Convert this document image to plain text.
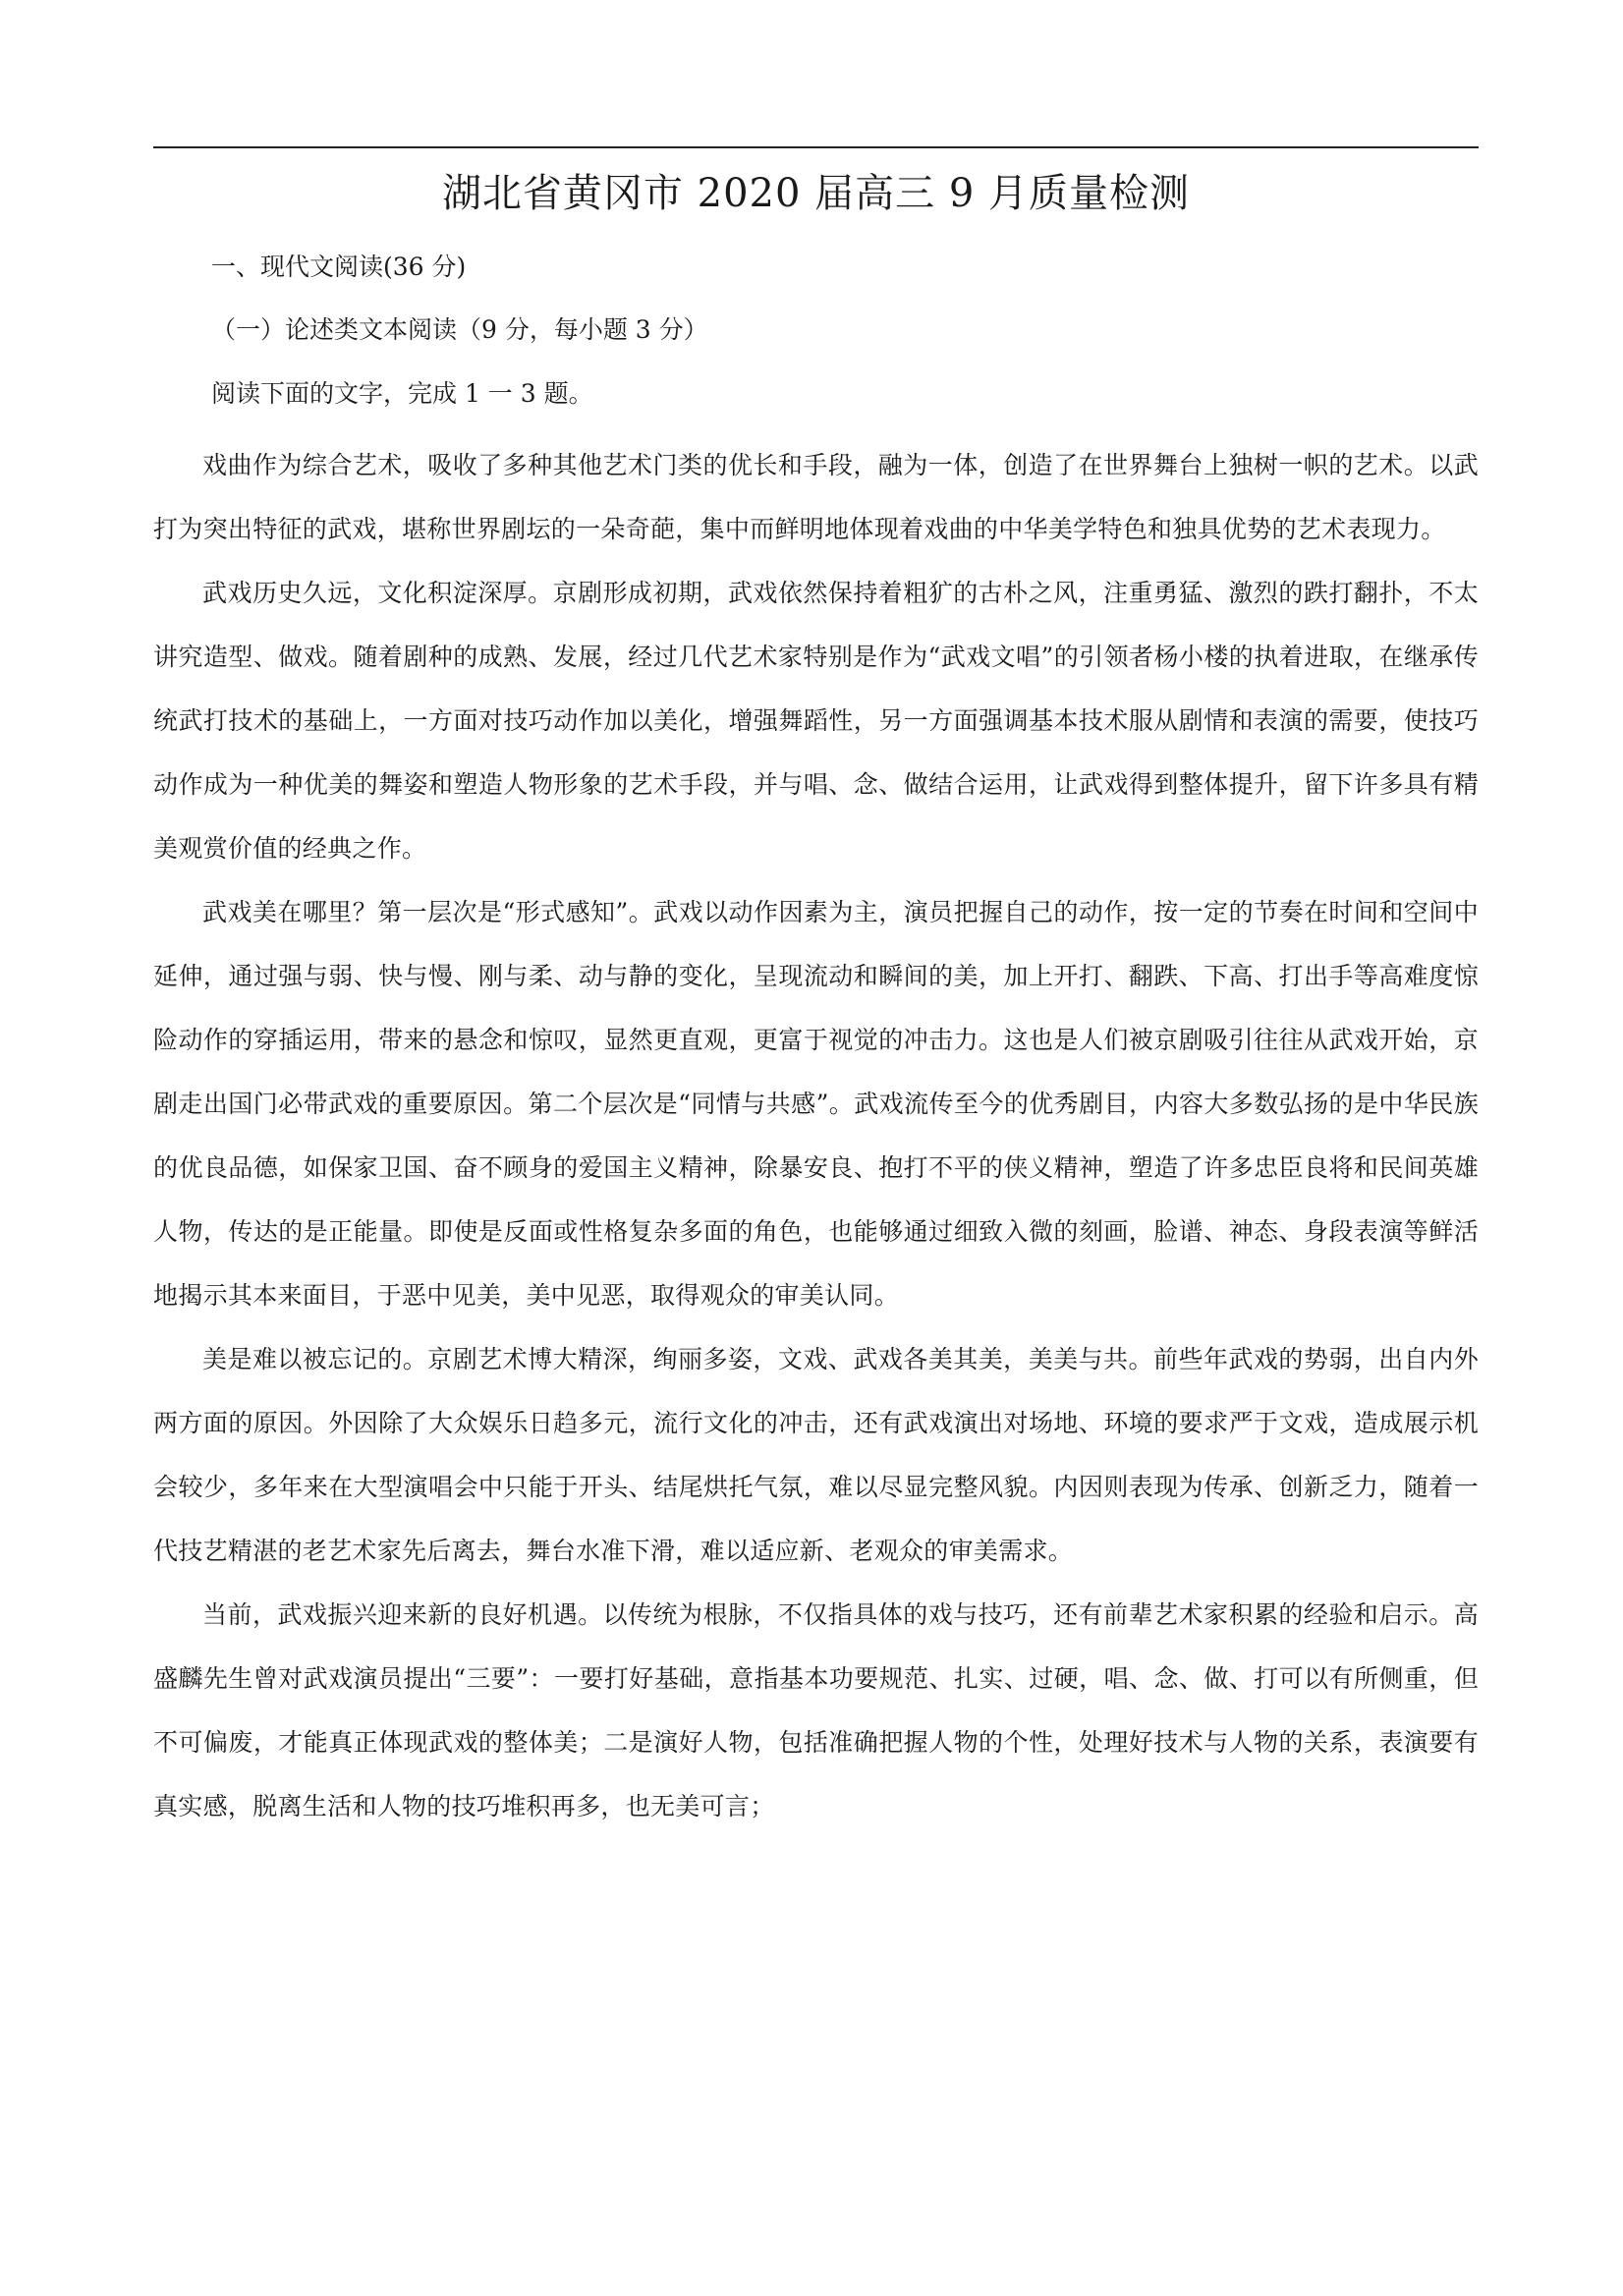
湖北省黄冈市 2020 届高三 9 月质量检测

一、现代文阅读(36 分)

（一）论述类文本阅读（9 分，每小题 3 分）

阅读下面的文字，完成 1 一 3 题。

戏曲作为综合艺术，吸收了多种其他艺术门类的优长和手段，融为一体，创造了在世界舞台上独树一帜的艺术。以武打为突出特征的武戏，堪称世界剧坛的一朵奇葩，集中而鲜明地体现着戏曲的中华美学特色和独具优势的艺术表现力。

武戏历史久远，文化积淀深厚。京剧形成初期，武戏依然保持着粗犷的古朴之风，注重勇猛、激烈的跌打翻扑，不太讲究造型、做戏。随着剧种的成熟、发展，经过几代艺术家特别是作为“武戏文唱”的引领者杨小楼的执着进取，在继承传统武打技术的基础上，一方面对技巧动作加以美化，增强舞蹈性，另一方面强调基本技术服从剧情和表演的需要，使技巧动作成为一种优美的舞姿和塑造人物形象的艺术手段，并与唱、念、做结合运用，让武戏得到整体提升，留下许多具有精美观赏价值的经典之作。

武戏美在哪里？第一层次是“形式感知”。武戏以动作因素为主，演员把握自己的动作，按一定的节奏在时间和空间中延伸，通过强与弱、快与慢、刚与柔、动与静的变化，呈现流动和瞬间的美，加上开打、翻跌、下高、打出手等高难度惊险动作的穿插运用，带来的悬念和惊叹，显然更直观，更富于视觉的冲击力。这也是人们被京剧吸引往往从武戏开始，京剧走出国门必带武戏的重要原因。第二个层次是“同情与共感”。武戏流传至今的优秀剧目，内容大多数弘扬的是中华民族的优良品德，如保家卫国、奋不顾身的爱国主义精神，除暴安良、抱打不平的侠义精神，塑造了许多忠臣良将和民间英雄人物，传达的是正能量。即使是反面或性格复杂多面的角色，也能够通过细致入微的刻画，脸谱、神态、身段表演等鲜活地揭示其本来面目，于恶中见美，美中见恶，取得观众的审美认同。

美是难以被忘记的。京剧艺术博大精深，绚丽多姿，文戏、武戏各美其美，美美与共。前些年武戏的势弱，出自内外两方面的原因。外因除了大众娱乐日趋多元，流行文化的冲击，还有武戏演出对场地、环境的要求严于文戏，造成展示机会较少，多年来在大型演唱会中只能于开头、结尾烘托气氛，难以尽显完整风貌。内因则表现为传承、创新乏力，随着一代技艺精湛的老艺术家先后离去，舞台水准下滑，难以适应新、老观众的审美需求。

当前，武戏振兴迎来新的良好机遇。以传统为根脉，不仅指具体的戏与技巧，还有前辈艺术家积累的经验和启示。高盛麟先生曾对武戏演员提出“三要”：一要打好基础，意指基本功要规范、扎实、过硬，唱、念、做、打可以有所侧重，但不可偏废，才能真正体现武戏的整体美；二是演好人物，包括准确把握人物的个性，处理好技术与人物的关系，表演要有真实感，脱离生活和人物的技巧堆积再多，也无美可言；
